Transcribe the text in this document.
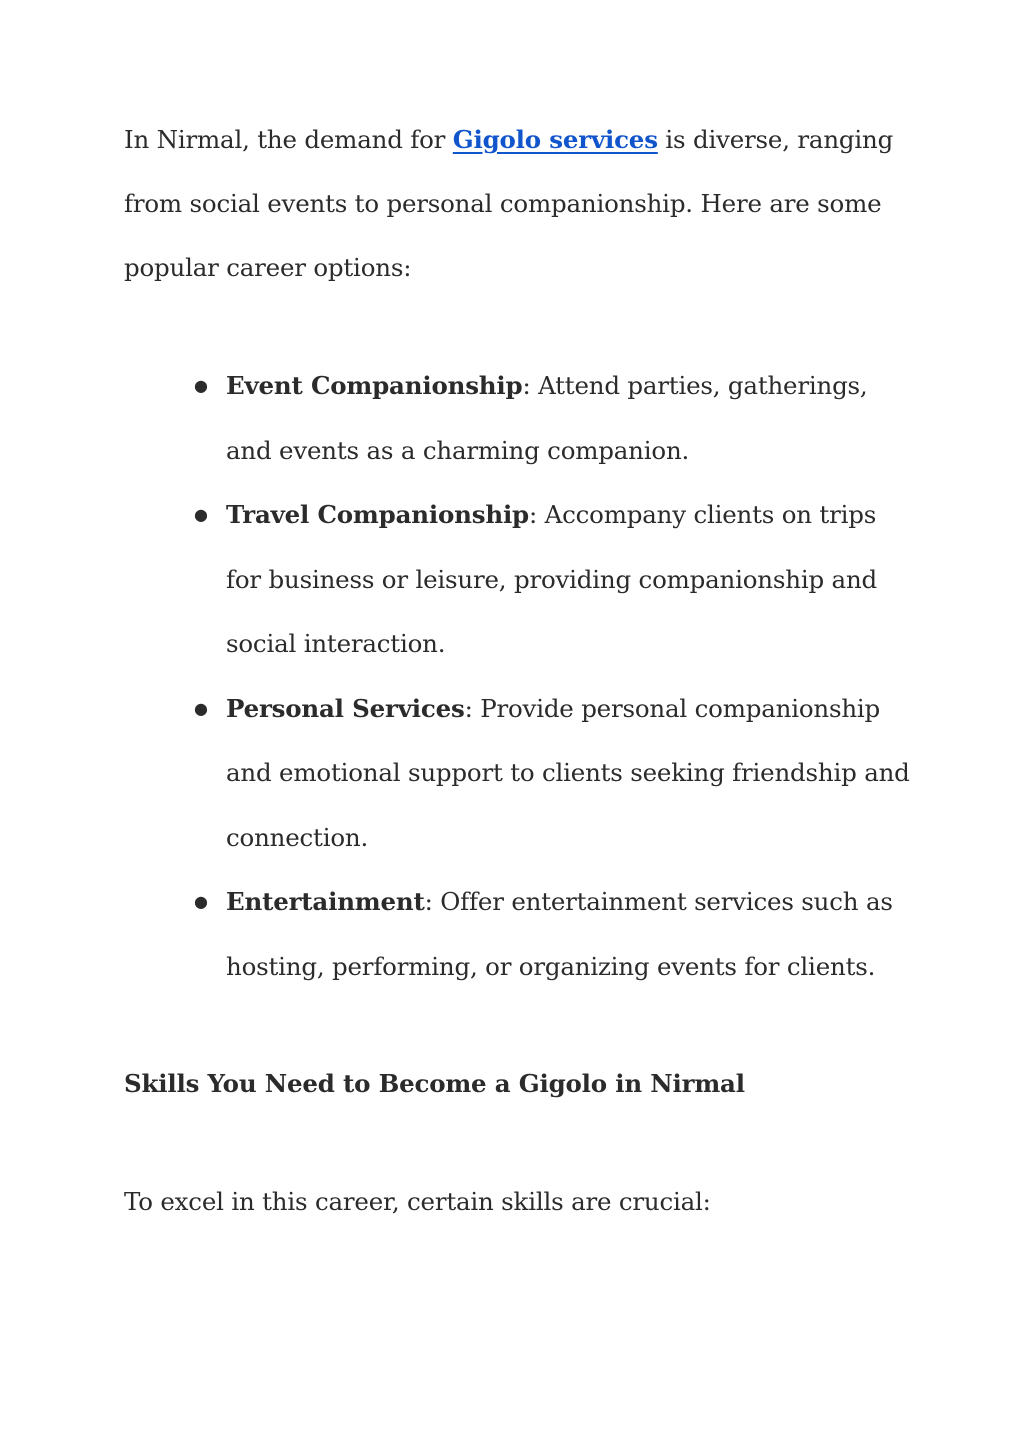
In Nirmal, the demand for Gigolo services is diverse, ranging from social events to personal companionship. Here are some popular career options:

● Event Companionship: Attend parties, gatherings, and events as a charming companion.
● Travel Companionship: Accompany clients on trips for business or leisure, providing companionship and social interaction.
● Personal Services: Provide personal companionship and emotional support to clients seeking friendship and connection.
● Entertainment: Offer entertainment services such as hosting, performing, or organizing events for clients.
Skills You Need to Become a Gigolo in Nirmal

To excel in this career, certain skills are crucial:
